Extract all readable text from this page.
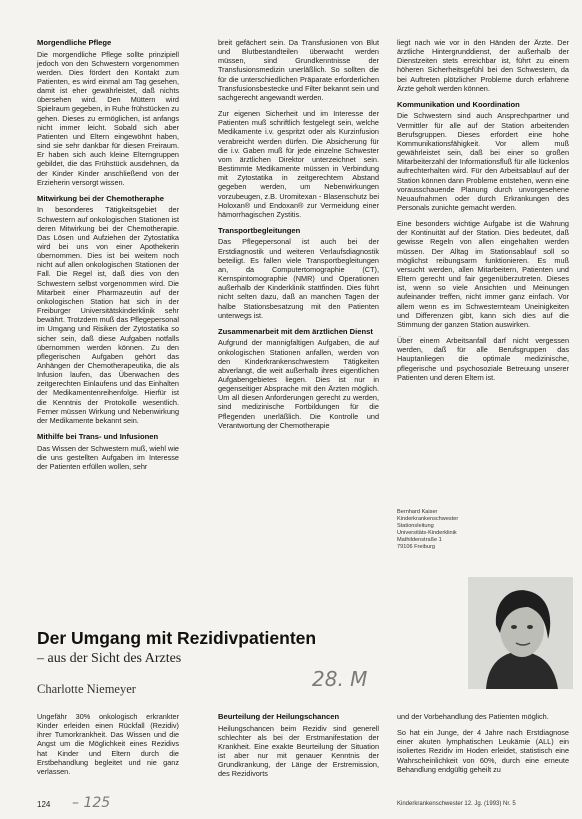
Morgendliche Pflege

Die morgendliche Pflege sollte prinzipiell jedoch von den Schwestern vorgenommen werden. Dies fördert den Kontakt zum Patienten, es wird einmal am Tag gesehen, damit ist eher gewährleistet, daß nichts übersehen wird. Den Müttern wird Spielraum gegeben, in Ruhe frühstücken zu gehen. Dieses zu ermöglichen, ist anfangs nicht immer leicht. Sobald sich aber Patienten und Eltern eingewöhnt haben, sind sie sehr dankbar für diesen Freiraum. Er haben sich auch kleine Elterngruppen gebildet, die das Frühstück ausdehnen, da der Kinder Kinder anschließend von der Erzieherin versorgt wissen.

Mitwirkung bei der Chemotheraphe

In besonderes Tätigkeitsgebiet der Schwestern auf onkologischen Stationen ist deren Mitwirkung bei der Chemotherapie. Das Lösen und Aufziehen der Zytostatika wird bei uns von einer Apothekerin übernommen. Dies ist bei weitem noch nicht auf allen onkologischen Stationen der Fall. Die Regel ist, daß dies von den Schwestern selbst vorgenommen wird. Die Mitarbeit einer Pharmazeutin auf der onkologischen Station hat sich in der Freiburger Universitätskinderklinik sehr bewährt. Trotzdem muß das Pflegepersonal im Umgang und Risiken der Zytostatika so sicher sein, daß diese Aufgaben notfalls übernommen werden können. Zu den pflegerischen Aufgaben gehört das Anhängen der Chemotherapeutika, die als Infusion laufen, das Überwachen des zeitgerechten Einlaufens und das Einhalten der Medikamentenreihenfolge. Hierfür ist die Kenntnis der Protokolle wesentlich. Ferner müssen Wirkung und Nebenwirkung der Medikamente bekannt sein.

Mithilfe bei Trans- und Infusionen

Das Wissen der Schwestern muß, wiehl wie die uns gestellten Aufgaben im Interesse der Patienten erfüllen wollen, sehr

breit gefächert sein. Da Transfusionen von Blut und Blutbestandteilen überwacht werden müssen, sind Grundkenntnisse der Transfusionsmedizin unerläßlich. So sollten die für die unterschiedlichen Präparate erforderlichen Transfusionsbestecke und Filter bekannt sein und sachgerecht angewandt werden.

Zur eigenen Sicherheit und im Interesse der Patienten muß schriftlich festgelegt sein, welche Medikamente i.v. gespritzt oder als Kurzinfusion verabreicht werden dürfen. Die Absicherung für die i.v. Gaben muß für jede einzelne Schwester vom ärztlichen Direktor unterzeichnet sein. Bestimmte Medikamente müssen in Verbindung mit Zytostatika in zeitgerechtem Abstand gegeben werden, um Nebenwirkungen vorzubeugen, z.B. Uromitexan - Blasenschutz bei Holoxan® und Endoxan® zur Vermeidung einer hämorrhagischen Zystitis.

Transportbegleitungen

Das Pflegepersonal ist auch bei der Erstdiagnostik und weiteren Verlaufsdiagnostik beteiligt. Es fallen viele Transportbegleitungen an, da Computertomographie (CT), Kernspintomographie (NMR) und Operationen außerhalb der Kinderklinik stattfinden. Dies führt nicht selten dazu, daß an manchen Tagen der halbe Stationsbesatzung mit den Patienten unterwegs ist.

Zusammenarbeit mit dem ärztlichen Dienst

Aufgrund der mannigfaltigen Aufgaben, die auf onkologischen Stationen anfallen, werden von den Kinderkrankenschwestern Tätigkeiten abverlangt, die weit außerhalb ihres eigentlichen Aufgabengebietes liegen. Dies ist nur in gegenseitiger Absprache mit den Ärzten möglich. Um all diesen Anforderungen gerecht zu werden, sind medizinische Fortbildungen für die Pflegenden unerläßlich. Die Kontrolle und Verantwortung der Chemotherapie

liegt nach wie vor in den Händen der Ärzte. Der ärztliche Hintergrunddienst, der außerhalb der Dienstzeiten stets erreichbar ist, führt zu einem höheren Sicherheitsgefühl bei den Schwestern, da bei Auftreten plötzlicher Probleme durch erfahrene Ärzte geholt werden können.

Kommunikation und Koordination

Die Schwestern sind auch Ansprechpartner und Vermittler für alle auf der Station arbeitenden Berufsgruppen. Dieses erfordert eine hohe Kommunikationsfähigkeit. Vor allem muß gewährleistet sein, daß bei einer so großen Mitarbeiterzahl der Informationsfluß für alle lückenlos aufrechterhalten wird. Für den Arbeitsablauf auf der Station können dann Probleme entstehen, wenn eine vorausschauende Planung durch unvorgesehene Neuaufnahmen oder durch Erkrankungen des Personals zunichte gemacht werden.

Eine besonders wichtige Aufgabe ist die Wahrung der Kontinuität auf der Station. Dies bedeutet, daß gewisse Regeln von allen eingehalten werden müssen. Der Alltag im Stationsablauf soll so möglichst reibungsarm funktionieren. Es muß versucht werden, allen Mitarbeitern, Patienten und Eltern gerecht und fair gegenüberzutreten. Dieses ist, wenn so viele Ansichten und Meinungen aufeinander treffen, nicht immer ganz einfach. Vor allem wenn es im Schwesternteam Uneinigkeiten und Differenzen gibt, kann sich dies auf die Stimmung der ganzen Station auswirken.

Über einem Arbeitsanfall darf nicht vergessen werden, daß für alle Berufsgruppen das Hauptanliegen die optimale medizinische, pflegerische und psychosoziale Betreuung unserer Patienten und deren Eltern ist.

Bernhard Kaiser
Kinderkrankenschwester
Stationsleitung
Universitäts-Kinderklinik
Mathildenstraße 1
79106 Freiburg
Der Umgang mit Rezidivpatienten
– aus der Sicht des Arztes
Charlotte Niemeyer	28. M
– 125

Ungefähr 30% onkologisch erkrankter Kinder erleiden einen Rückfall (Rezidiv) ihrer Tumorkrankheit. Das Wissen und die Angst um die Möglichkeit eines Rezidivs hat Kinder und Eltern durch die Erstbehandlung begleitet und nie ganz verlassen.

Beurteilung der Heilungschancen

Heilungschancen beim Rezidiv sind generell schlechter als bei der Erstmanifestation der Krankheit. Eine exakte Beurteilung der Situation ist aber nur mit genauer Kenntnis der Grundkrankung, der Länge der Erstremission, des Rezidivorts

und der Vorbehandlung des Patienten möglich.

So hat ein Junge, der 4 Jahre nach Erstdiagnose einer akuten lymphatischen Leukämie (ALL) ein isoliertes Rezidiv im Hoden erleidet, statistisch eine Wahrscheinlichkeit von 60%, durch eine erneute Behandlung endgültig geheilt zu

124	Kinderkrankenschwester 12. Jg. (1993) Nr. 5
